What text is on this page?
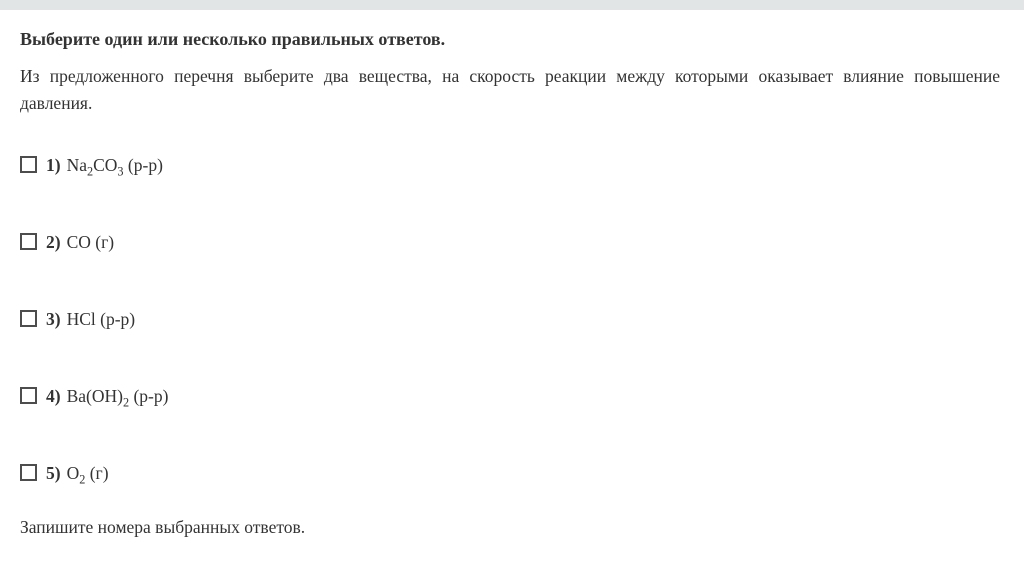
Выберите один или несколько правильных ответов.

Из предложенного перечня выберите два вещества, на скорость реакции между которыми оказывает влияние повышение давления.

1) $Na_2CO_3$ (р-р)
2) CO (г)
3) HCl (р-р)
4) $Ba(OH)_2$ (р-р)
5) $O_2$ (г)

Запишите номера выбранных ответов.
